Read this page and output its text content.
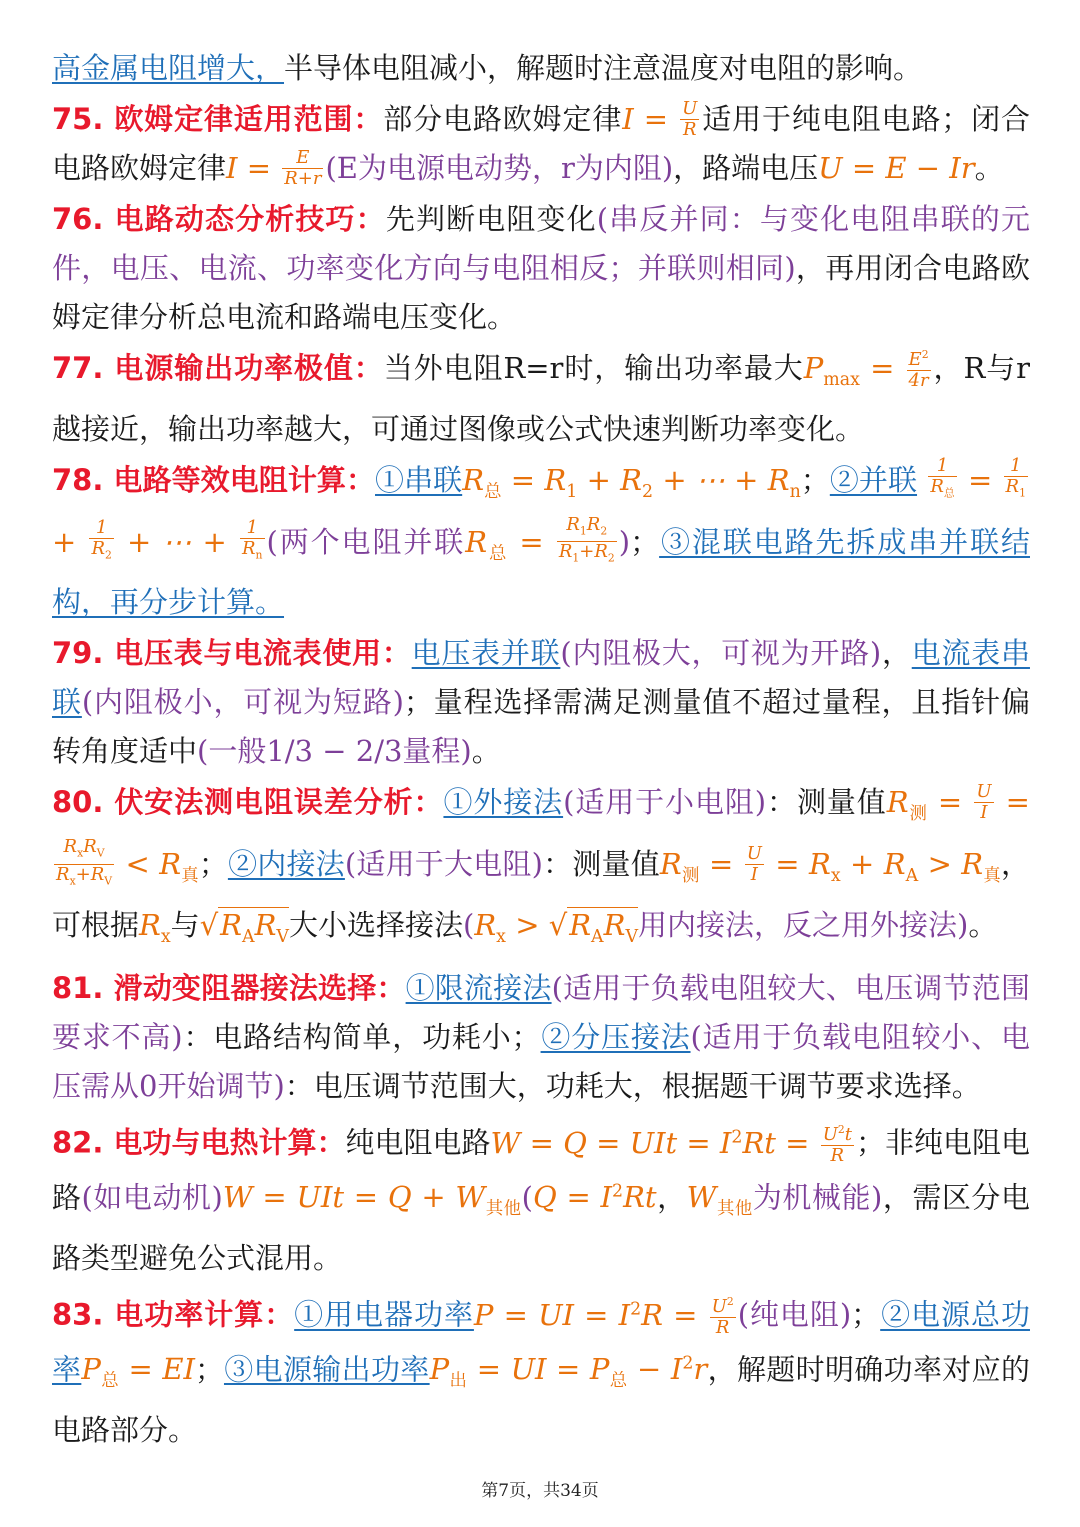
高金属电阻增大，半导体电阻减小，解题时注意温度对电阻的影响。

75. 欧姆定律适用范围：部分电路欧姆定律$I = \frac{U}{R}$ 适用于纯电阻电路；闭合电路欧姆定律$I = \frac{E}{R+r} (E$为电源电动势，r为内阻)，路端电压U = E − Ir。

76. 电路动态分析技巧：先判断电阻变化(串反并同：与变化电阻串联的元件，电压、电流、功率变化方向与电阻相反；并联则相同)，再用闭合电路欧姆定律分析总电流和路端电压变化。

77. 电源输出功率极值：当外电阻R=r时，输出功率最大$P_{max} = \frac{E^2}{4r}$ ，R与r越接近，输出功率越大，可通过图像或公式快速判断功率变化。

78. 电路等效电阻计算：①串联$R_总 = R_1 + R_2$ + ⋯ + $R_n$；②并联 $\frac{1}{R_总} = \frac{1}{R_1}$
+ $\frac{1}{R_2}$ + ⋯ + $\frac{1}{R_n}$ (两个电阻并联$R_总 = \frac{R_1R_2}{R_1+R_2}$ )；③混联电路先拆成串并联结构，再分步计算。

79. 电压表与电流表使用：电压表并联(内阻极大，可视为开路)，电流表串联(内阻极小，可视为短路)；量程选择需满足测量值不超过量程，且指针偏转角度适中(一般1/3 − 2/3量程)。

80. 伏安法测电阻误差分析：①外接法(适用于小电阻)：测量值$R_测 = \frac{U}{I}$ =
$\frac{R_xR_V}{R_x+R_V} < R_真$；②内接法(适用于大电阻)：测量值$R_测 = \frac{U}{I} = R_x + R_A > R_真$，可根据$R_x$与$√R_AR_V$大小选择接法($R_x > √R_AR_V$用内接法，反之用外接法)。

81. 滑动变阻器接法选择：①限流接法(适用于负载电阻较大、电压调节范围要求不高)：电路结构简单，功耗小；②分压接法(适用于负载电阻较小、电压需从0开始调节)：电压调节范围大，功耗大，根据题干调节要求选择。

82. 电功与电热计算：纯电阻电路W = Q = UIt = $I^2Rt = \frac{U^2t}{R}$ ；非纯电阻电路(如电动机)W = UIt = $Q + W_{其他}(Q = I^2Rt$，$W_{其他}$为机械能)，需区分电路类型避免公式混用。

83. 电功率计算：①用电器功率P = UI = $I^2R = \frac{U^2}{R}$ (纯电阻)；②电源总功率$P_总$ = EI；③电源输出功率$P_出$ = UI = $P_总 - I^2r$，解题时明确功率对应的电路部分。

第7页，共34页
